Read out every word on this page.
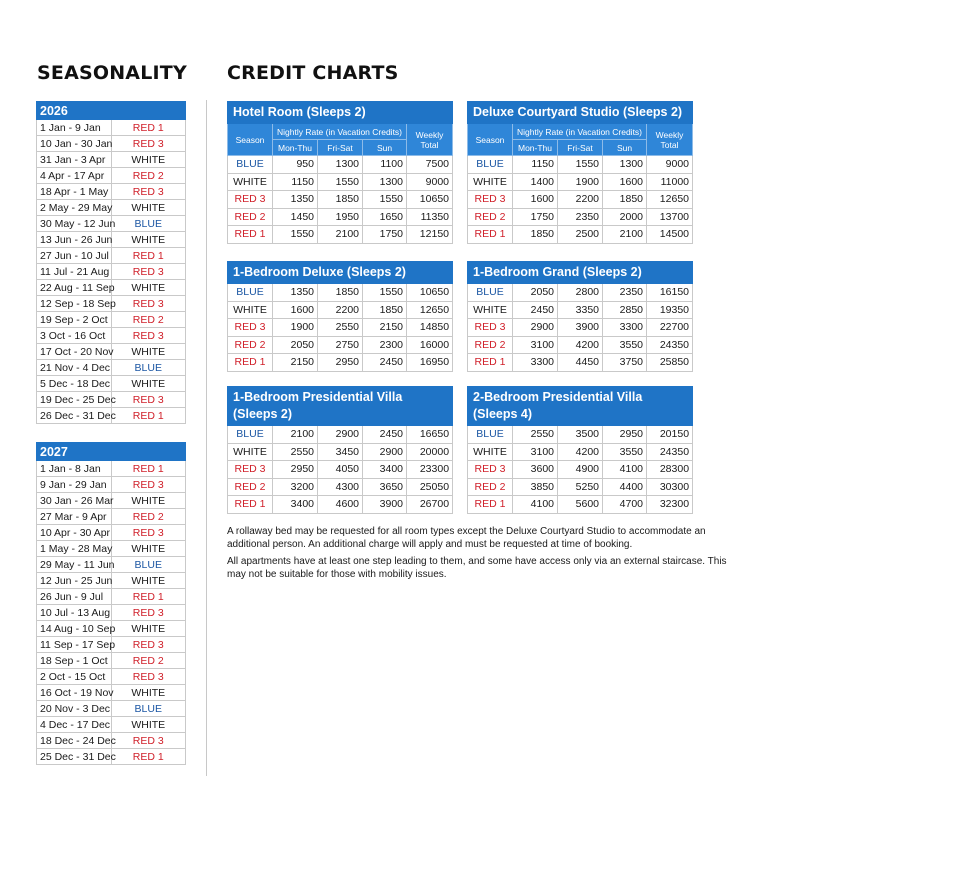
SEASONALITY CREDIT CHARTS
2026	
1 Jan - 9 Jan	RED 1
10 Jan - 30 Jan	RED 3
31 Jan - 3 Apr	WHITE
4 Apr - 17 Apr	RED 2
18 Apr - 1 May	RED 3
2 May - 29 May	WHITE
30 May - 12 Jun	BLUE
13 Jun - 26 Jun	WHITE
27 Jun - 10 Jul	RED 1
11 Jul - 21 Aug	RED 3
22 Aug - 11 Sep	WHITE
12 Sep - 18 Sep	RED 3
19 Sep - 2 Oct	RED 2
3 Oct - 16 Oct	RED 3
17 Oct - 20 Nov	WHITE
21 Nov - 4 Dec	BLUE
5 Dec - 18 Dec	WHITE
19 Dec - 25 Dec	RED 3
26 Dec - 31 Dec	RED 1
2027	
1 Jan - 8 Jan	RED 1
9 Jan - 29 Jan	RED 3
30 Jan - 26 Mar	WHITE
27 Mar - 9 Apr	RED 2
10 Apr - 30 Apr	RED 3
1 May - 28 May	WHITE
29 May - 11 Jun	BLUE
12 Jun - 25 Jun	WHITE
26 Jun - 9 Jul	RED 1
10 Jul - 13 Aug	RED 3
14 Aug - 10 Sep	WHITE
11 Sep - 17 Sep	RED 3
18 Sep - 1 Oct	RED 2
2 Oct - 15 Oct	RED 3
16 Oct - 19 Nov	WHITE
20 Nov - 3 Dec	BLUE
4 Dec - 17 Dec	WHITE
18 Dec - 24 Dec	RED 3
25 Dec - 31 Dec	RED 1
Hotel Room (Sleeps 2)				
Season	Nightly Rate (in Vacation Credits)			Weekly Total
	Mon-Thu	Fri-Sat	Sun	
BLUE	950	1300	1100	7500
WHITE	1150	1550	1300	9000
RED 3	1350	1850	1550	10650
RED 2	1450	1950	1650	11350
RED 1	1550	2100	1750	12150
Deluxe Courtyard Studio (Sleeps 2)				
Season	Nightly Rate (in Vacation Credits)			Weekly Total
	Mon-Thu	Fri-Sat	Sun	
BLUE	1150	1550	1300	9000
WHITE	1400	1900	1600	11000
RED 3	1600	2200	1850	12650
RED 2	1750	2350	2000	13700
RED 1	1850	2500	2100	14500
1-Bedroom Deluxe (Sleeps 2)				
BLUE	1350	1850	1550	10650
WHITE	1600	2200	1850	12650
RED 3	1900	2550	2150	14850
RED 2	2050	2750	2300	16000
RED 1	2150	2950	2450	16950
1-Bedroom Grand (Sleeps 2)				
BLUE	2050	2800	2350	16150
WHITE	2450	3350	2850	19350
RED 3	2900	3900	3300	22700
RED 2	3100	4200	3550	24350
RED 1	3300	4450	3750	25850
1-Bedroom Presidential Villa
(Sleeps 2)				
BLUE	2100	2900	2450	16650
WHITE	2550	3450	2900	20000
RED 3	2950	4050	3400	23300
RED 2	3200	4300	3650	25050
RED 1	3400	4600	3900	26700
2-Bedroom Presidential Villa
(Sleeps 4)				
BLUE	2550	3500	2950	20150
WHITE	3100	4200	3550	24350
RED 3	3600	4900	4100	28300
RED 2	3850	5250	4400	30300
RED 1	4100	5600	4700	32300

A rollaway bed may be requested for all room types except the Deluxe Courtyard Studio to accommodate an additional person. An additional charge will apply and must be requested at time of booking.

All apartments have at least one step leading to them, and some have access only via an external staircase. This may not be suitable for those with mobility issues.
